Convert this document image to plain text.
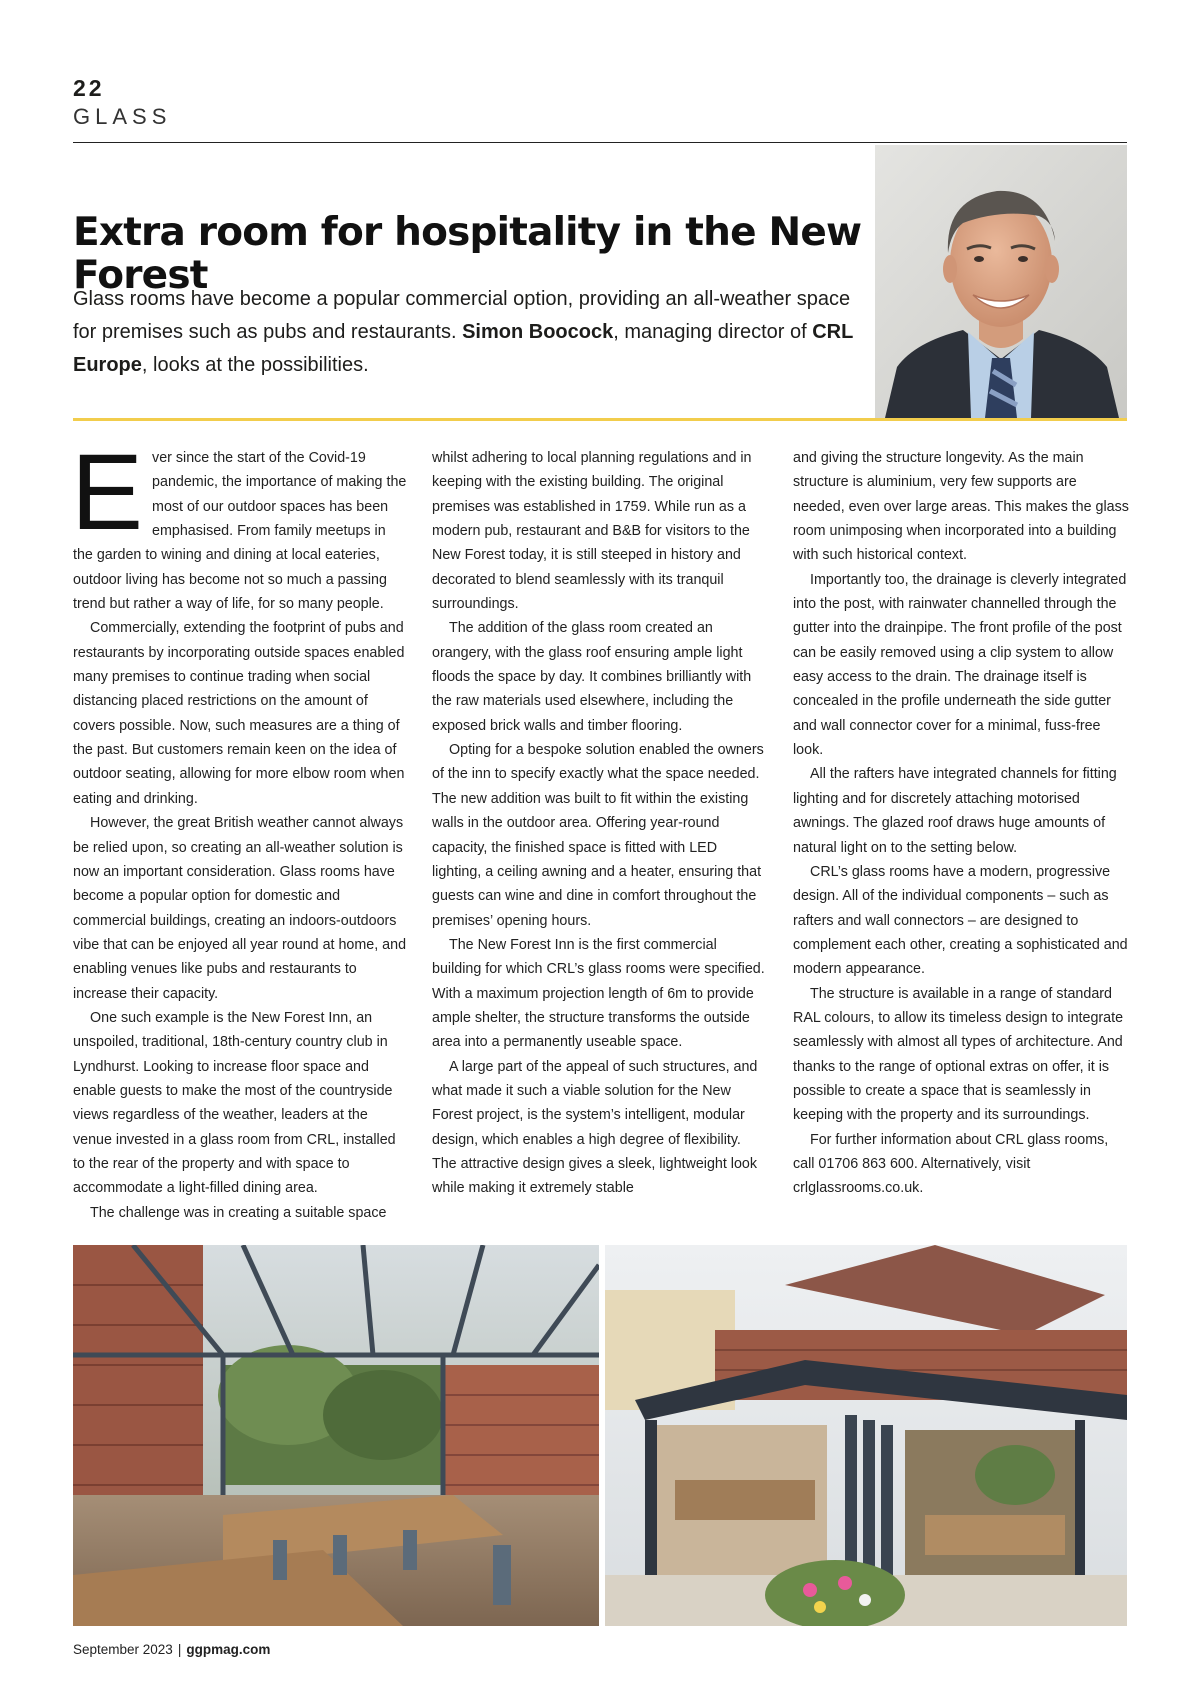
22
GLASS
Extra room for hospitality in the New Forest

Glass rooms have become a popular commercial option, providing an all-weather space for premises such as pubs and restaurants. Simon Boocock, managing director of CRL Europe, looks at the possibilities.

Ever since the start of the Covid-19 pandemic, the importance of making the most of our outdoor spaces has been emphasised. From family meetups in the garden to wining and dining at local eateries, outdoor living has become not so much a passing trend but rather a way of life, for so many people.

Commercially, extending the footprint of pubs and restaurants by incorporating outside spaces enabled many premises to continue trading when social distancing placed restrictions on the amount of covers possible. Now, such measures are a thing of the past. But customers remain keen on the idea of outdoor seating, allowing for more elbow room when eating and drinking.

However, the great British weather cannot always be relied upon, so creating an all-weather solution is now an important consideration. Glass rooms have become a popular option for domestic and commercial buildings, creating an indoors-outdoors vibe that can be enjoyed all year round at home, and enabling venues like pubs and restaurants to increase their capacity.

One such example is the New Forest Inn, an unspoiled, traditional, 18th-century country club in Lyndhurst. Looking to increase floor space and enable guests to make the most of the countryside views regardless of the weather, leaders at the venue invested in a glass room from CRL, installed to the rear of the property and with space to accommodate a light-filled dining area.

The challenge was in creating a suitable space

whilst adhering to local planning regulations and in keeping with the existing building. The original premises was established in 1759. While run as a modern pub, restaurant and B&B for visitors to the New Forest today, it is still steeped in history and decorated to blend seamlessly with its tranquil surroundings.

The addition of the glass room created an orangery, with the glass roof ensuring ample light floods the space by day. It combines brilliantly with the raw materials used elsewhere, including the exposed brick walls and timber flooring.

Opting for a bespoke solution enabled the owners of the inn to specify exactly what the space needed. The new addition was built to fit within the existing walls in the outdoor area. Offering year-round capacity, the finished space is fitted with LED lighting, a ceiling awning and a heater, ensuring that guests can wine and dine in comfort throughout the premises’ opening hours.

The New Forest Inn is the first commercial building for which CRL’s glass rooms were specified. With a maximum projection length of 6m to provide ample shelter, the structure transforms the outside area into a permanently useable space.

A large part of the appeal of such structures, and what made it such a viable solution for the New Forest project, is the system’s intelligent, modular design, which enables a high degree of flexibility. The attractive design gives a sleek, lightweight look while making it extremely stable

and giving the structure longevity. As the main structure is aluminium, very few supports are needed, even over large areas. This makes the glass room unimposing when incorporated into a building with such historical context.

Importantly too, the drainage is cleverly integrated into the post, with rainwater channelled through the gutter into the drainpipe. The front profile of the post can be easily removed using a clip system to allow easy access to the drain. The drainage itself is concealed in the profile underneath the side gutter and wall connector cover for a minimal, fuss-free look.

All the rafters have integrated channels for fitting lighting and for discretely attaching motorised awnings. The glazed roof draws huge amounts of natural light on to the setting below.

CRL’s glass rooms have a modern, progressive design. All of the individual components – such as rafters and wall connectors – are designed to complement each other, creating a sophisticated and modern appearance.

The structure is available in a range of standard RAL colours, to allow its timeless design to integrate seamlessly with almost all types of architecture. And thanks to the range of optional extras on offer, it is possible to create a space that is seamlessly in keeping with the property and its surroundings.

For further information about CRL glass rooms, call 01706 863 600. Alternatively, visit crlglassrooms.co.uk.

September 2023 | ggpmag.com
